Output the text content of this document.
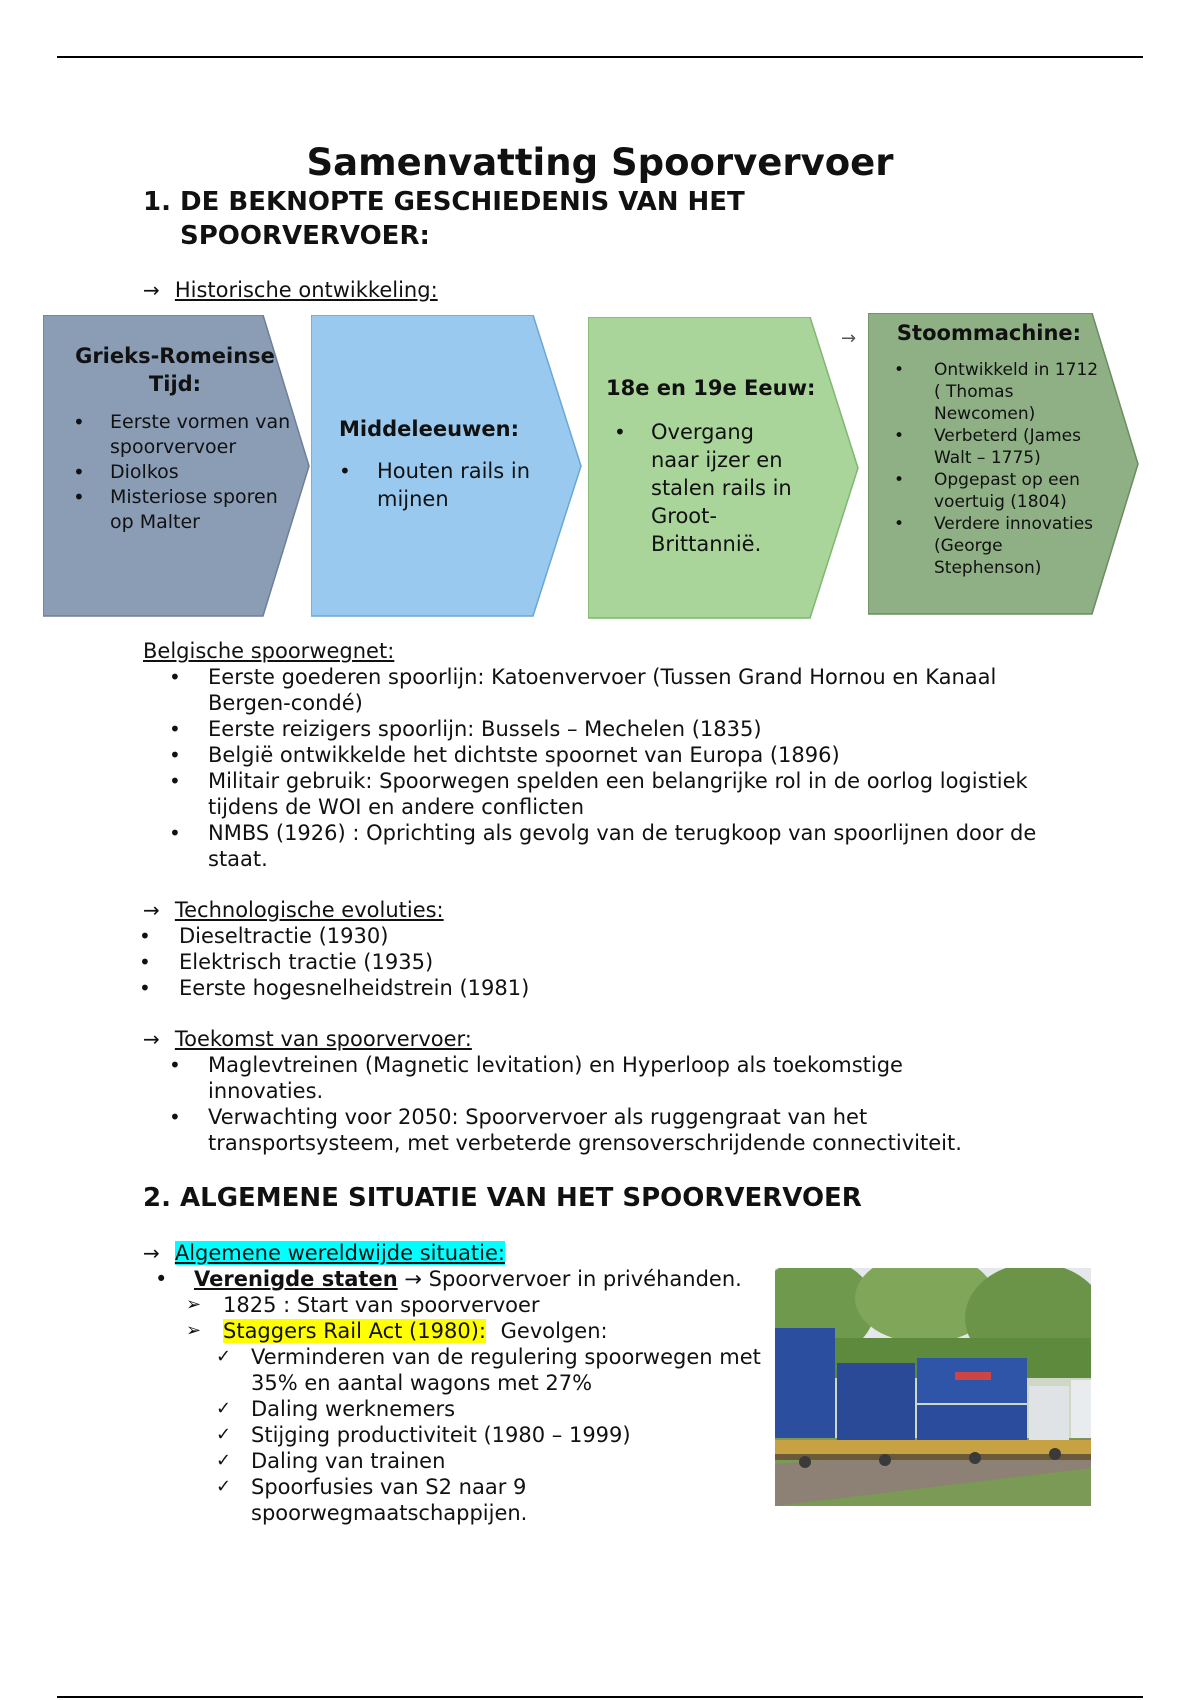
Samenvatting Spoorvervoer
1. DE BEKNOPTE GESCHIEDENIS VAN HET
SPOORVERVOER:
→ Historische ontwikkeling:
Grieks-Romeinse Tijd:
• Eerste vormen van spoorvervoer
• Diolkos
• Misteriose sporen op Malter
Middeleeuwen:
• Houten rails in mijnen
18e en 19e Eeuw:
• Overgang naar ijzer en stalen rails in Groot-Brittannië.
→	Stoommachine:
• Ontwikkeld in 1712 ( Thomas Newcomen)
• Verbeterd (James Walt – 1775)
• Opgepast op een voertuig (1804)
• Verdere innovaties (George Stephenson)
Belgische spoorwegnet:
• Eerste goederen spoorlijn: Katoenvervoer (Tussen Grand Hornou en Kanaal Bergen-condé)
• Eerste reizigers spoorlijn: Bussels – Mechelen (1835)
• België ontwikkelde het dichtste spoornet van Europa (1896)
• Militair gebruik: Spoorwegen spelden een belangrijke rol in de oorlog logistiek tijdens de WOI en andere conflicten
• NMBS (1926) : Oprichting als gevolg van de terugkoop van spoorlijnen door de staat.
→ Technologische evoluties:
• Dieseltractie (1930)
• Elektrisch tractie (1935)
• Eerste hogesnelheidstrein (1981)
→ Toekomst van spoorvervoer:
• Maglevtreinen (Magnetic levitation) en Hyperloop als toekomstige innovaties.
• Verwachting voor 2050: Spoorvervoer als ruggengraat van het transportsysteem, met verbeterde grensoverschrijdende connectiviteit.
2. ALGEMENE SITUATIE VAN HET SPOORVERVOER
→ Algemene wereldwijde situatie:
• Verenigde staten → Spoorvervoer in privéhanden.
➢ 1825 : Start van spoorvervoer
➢ Staggers Rail Act (1980): Gevolgen:
✓ Verminderen van de regulering spoorwegen met 35% en aantal wagons met 27%
✓ Daling werknemers
✓ Stijging productiviteit (1980 – 1999)
✓ Daling van trainen
✓ Spoorfusies van S2 naar 9 spoorwegmaatschappijen.
